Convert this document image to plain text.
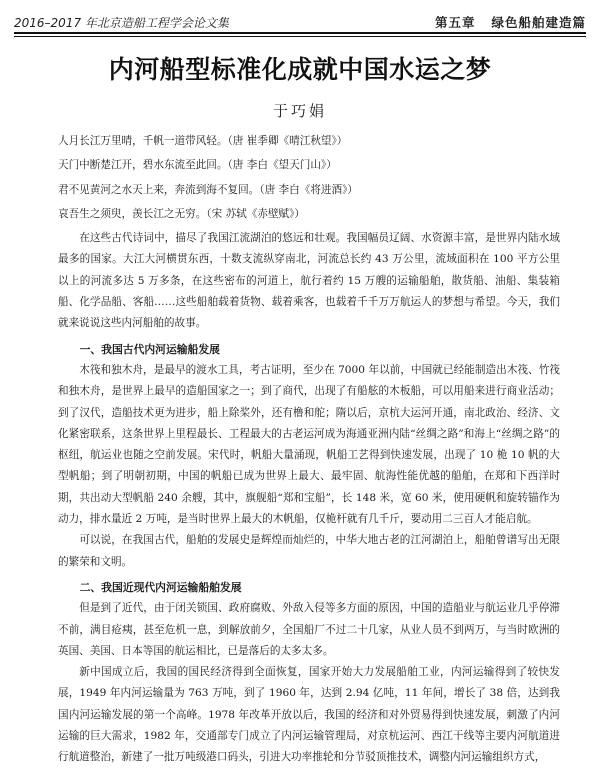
2016–2017 年北京造船工程学会论文集	第五章 绿色船舶建造篇
内河船型标准化成就中国水运之梦
于巧娟

人月长江万里晴，千帆一道带风轻。（唐 崔季卿《晴江秋望》）

天门中断楚江开，碧水东流至此回。（唐 李白《望天门山》）

君不见黄河之水天上来，奔流到海不复回。（唐 李白《将进酒》）

哀吾生之须臾，羡长江之无穷。（宋 苏轼《赤壁赋》）

在这些古代诗词中，描尽了我国江流湖泊的悠远和壮观。我国幅员辽阔、水资源丰富，是世界内陆水域最多的国家。大江大河横贯东西，十数支流纵穿南北，河流总长约 43 万公里，流域面积在 100 平方公里以上的河流多达 5 万多条，在这些密布的河道上，航行着约 15 万艘的运输船舶，散货船、油船、集装箱船、化学品船、客船……这些船舶载着货物、载着乘客，也载着千千万万航运人的梦想与希望。今天，我们就来说说这些内河船舶的故事。

一、我国古代内河运输船发展

木筏和独木舟，是最早的渡水工具，考古证明，至少在 7000 年以前，中国就已经能制造出木筏、竹筏和独木舟，是世界上最早的造船国家之一；到了商代，出现了有船舷的木板船，可以用船来进行商业活动；到了汉代，造船技术更为进步，船上除桨外，还有橹和舵；隋以后，京杭大运河开通，南北政治、经济、文化紧密联系，这条世界上里程最长、工程最大的古老运河成为海通亚洲内陆“丝绸之路”和海上“丝绸之路”的枢纽，航运业也随之空前发展。宋代时，帆船大量涌现，帆船工艺得到快速发展，出现了 10 桅 10 帆的大型帆船；到了明朝初期，中国的帆船已成为世界上最大、最牢固、航海性能优越的船舶，在郑和下西洋时期，共出动大型帆船 240 余艘，其中，旗舰船“郑和宝船”，长 148 米，宽 60 米，使用硬帆和旋转锚作为动力，排水量近 2 万吨，是当时世界上最大的木帆船，仅桅杆就有几千斤，要动用二三百人才能启航。

可以说，在我国古代，船舶的发展史是辉煌而灿烂的，中华大地古老的江河湖泊上，船舶曾谱写出无限的繁荣和文明。

二、我国近现代内河运输船舶发展

但是到了近代，由于闭关锁国、政府腐败、外敌入侵等多方面的原因，中国的造船业与航运业几乎停滞不前，满目疮痍，甚至危机一息，到解放前夕，全国船厂不过二十几家，从业人员不到两万，与当时欧洲的英国、美国、日本等国的航运相比，已是落后的太多太多。

新中国成立后，我国的国民经济得到全面恢复，国家开始大力发展船舶工业，内河运输得到了较快发展，1949 年内河运输量为 763 万吨，到了 1960 年，达到 2.94 亿吨，11 年间，增长了 38 倍，达到我国内河运输发展的第一个高峰。1978 年改革开放以后，我国的经济和对外贸易得到快速发展，刺激了内河运输的巨大需求，1982 年，交通部专门成立了内河运输管理局，对京杭运河、西江干线等主要内河航道进行航道整治，新建了一批万吨级港口码头，引进大功率推轮和分节驳顶推技术，调整内河运输组织方式，
